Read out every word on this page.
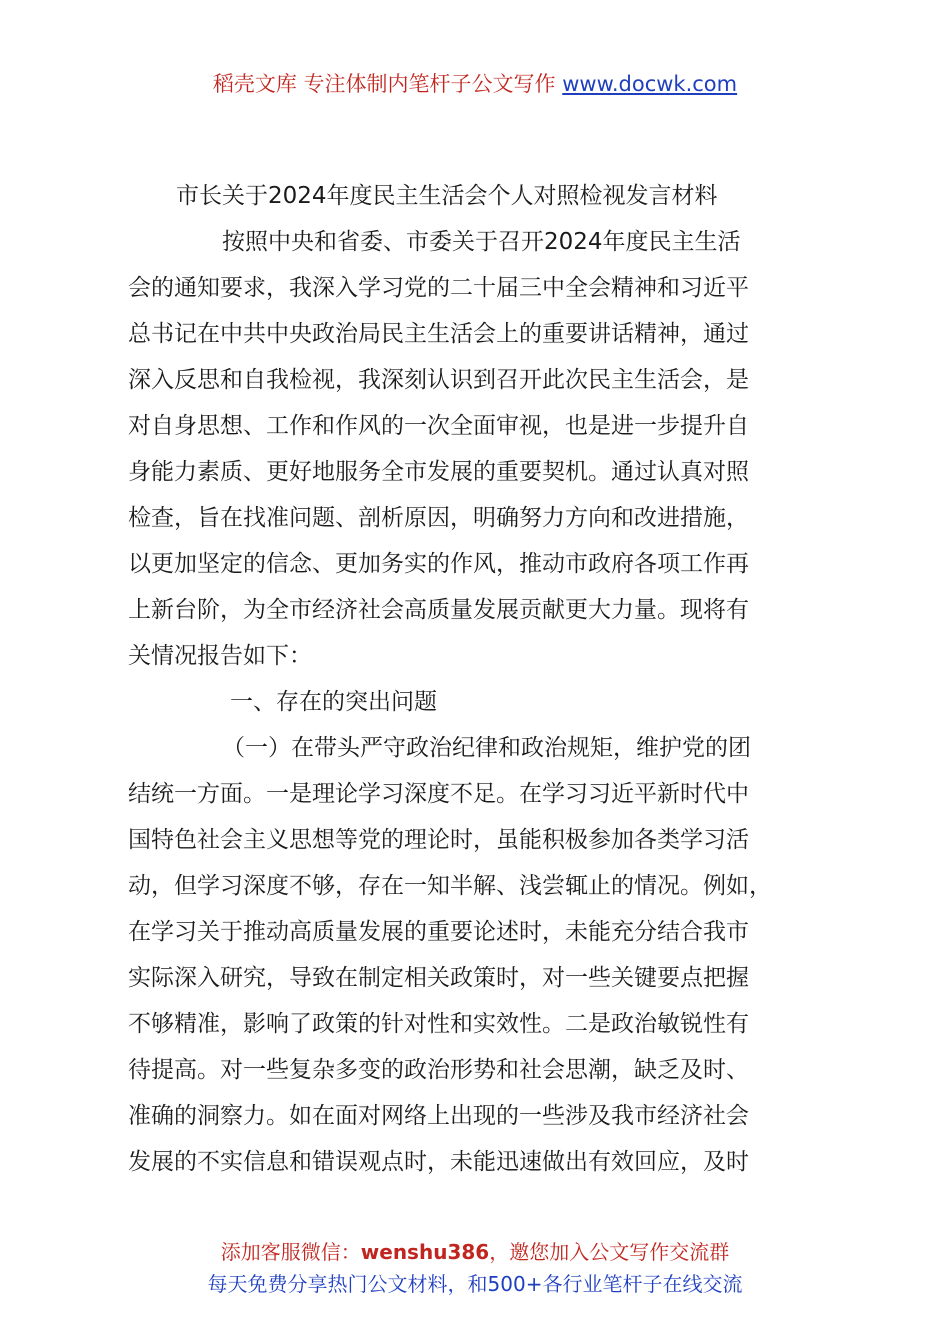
稻壳文库 专注体制内笔杆子公文写作 www.docwk.com
市长关于2024年度民主生活会个人对照检视发言材料
按照中央和省委、市委关于召开2024年度民主生活
会的通知要求，我深入学习党的二十届三中全会精神和习近平
总书记在中共中央政治局民主生活会上的重要讲话精神，通过
深入反思和自我检视，我深刻认识到召开此次民主生活会，是
对自身思想、工作和作风的一次全面审视，也是进一步提升自
身能力素质、更好地服务全市发展的重要契机。通过认真对照
检查，旨在找准问题、剖析原因，明确努力方向和改进措施，
以更加坚定的信念、更加务实的作风，推动市政府各项工作再
上新台阶，为全市经济社会高质量发展贡献更大力量。现将有
关情况报告如下：
一、存在的突出问题
（一）在带头严守政治纪律和政治规矩，维护党的团
结统一方面。一是理论学习深度不足。在学习习近平新时代中
国特色社会主义思想等党的理论时，虽能积极参加各类学习活
动，但学习深度不够，存在一知半解、浅尝辄止的情况。例如，
在学习关于推动高质量发展的重要论述时，未能充分结合我市
实际深入研究，导致在制定相关政策时，对一些关键要点把握
不够精准，影响了政策的针对性和实效性。二是政治敏锐性有
待提高。对一些复杂多变的政治形势和社会思潮，缺乏及时、
准确的洞察力。如在面对网络上出现的一些涉及我市经济社会
发展的不实信息和错误观点时，未能迅速做出有效回应，及时
添加客服微信：wenshu386，邀您加入公文写作交流群
每天免费分享热门公文材料，和500+各行业笔杆子在线交流
